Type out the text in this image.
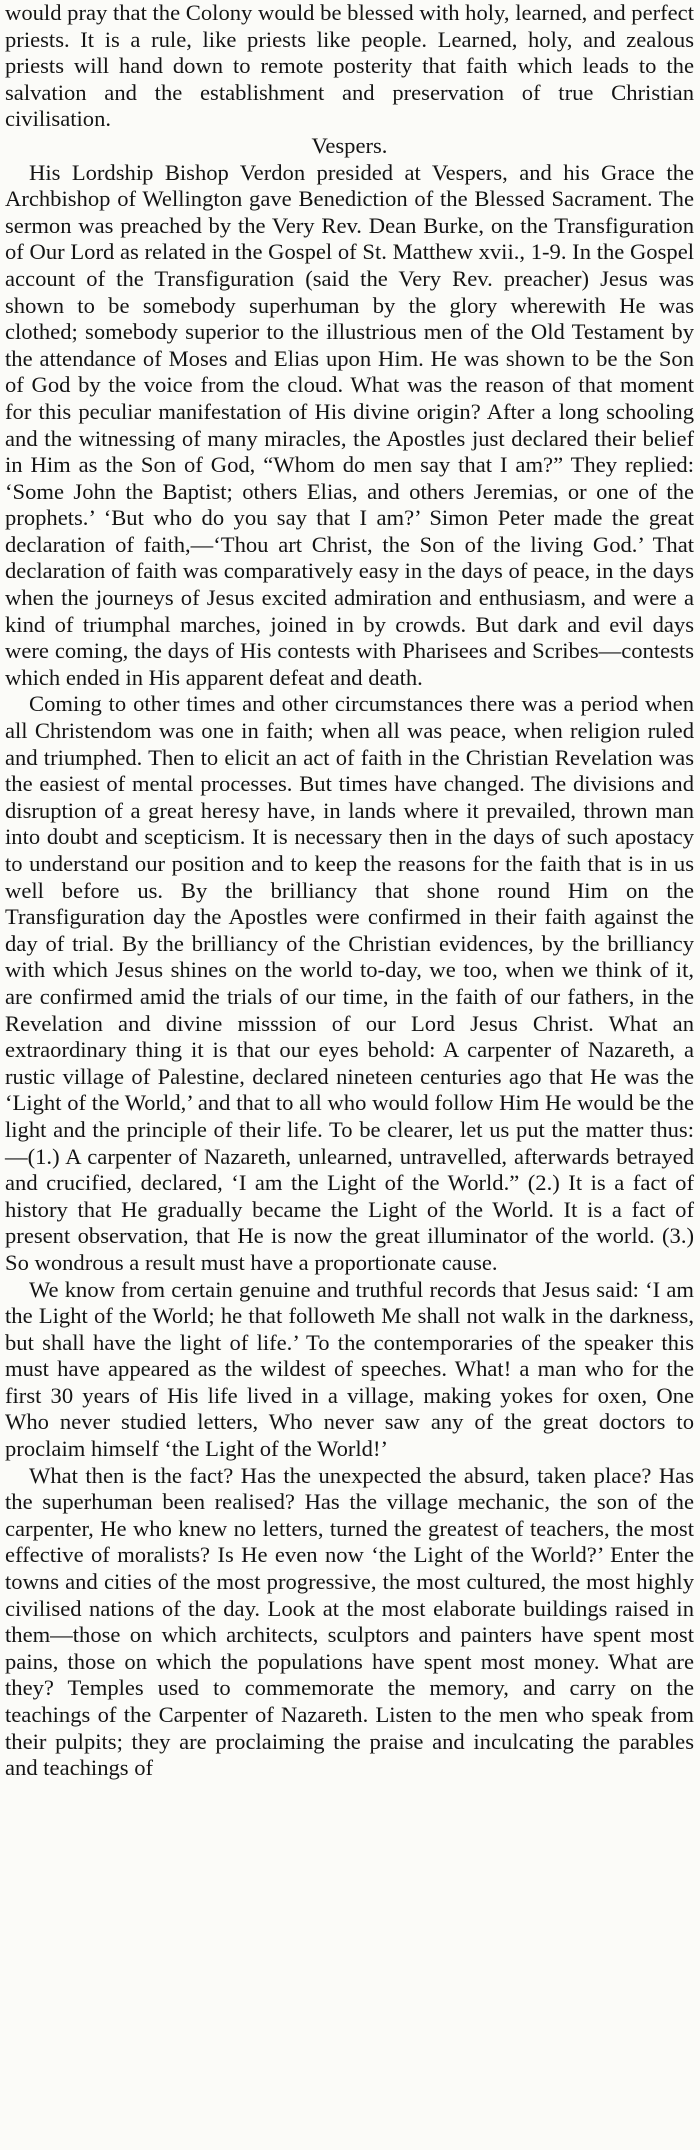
would pray that the Colony would be blessed with holy, learned, and perfect priests. It is a rule, like priests like people. Learned, holy, and zealous priests will hand down to remote posterity that faith which leads to the salvation and the establishment and preservation of true Christian civilisation.

Vespers.

His Lordship Bishop Verdon presided at Vespers, and his Grace the Archbishop of Wellington gave Benediction of the Blessed Sacrament. The sermon was preached by the Very Rev. Dean Burke, on the Transfiguration of Our Lord as related in the Gospel of St. Matthew xvii., 1-9. In the Gospel account of the Transfiguration (said the Very Rev. preacher) Jesus was shown to be somebody superhuman by the glory wherewith He was clothed; somebody superior to the illustrious men of the Old Testament by the attendance of Moses and Elias upon Him. He was shown to be the Son of God by the voice from the cloud. What was the reason of that moment for this peculiar manifestation of His divine origin? After a long schooling and the witnessing of many miracles, the Apostles just declared their belief in Him as the Son of God, “Whom do men say that I am?” They replied: ‘Some John the Baptist; others Elias, and others Jeremias, or one of the prophets.’ ‘But who do you say that I am?’ Simon Peter made the great declaration of faith,—‘Thou art Christ, the Son of the living God.’ That declaration of faith was comparatively easy in the days of peace, in the days when the journeys of Jesus excited admiration and enthusiasm, and were a kind of triumphal marches, joined in by crowds. But dark and evil days were coming, the days of His contests with Pharisees and Scribes—contests which ended in His apparent defeat and death.

Coming to other times and other circumstances there was a period when all Christendom was one in faith; when all was peace, when religion ruled and triumphed. Then to elicit an act of faith in the Christian Revelation was the easiest of mental processes. But times have changed. The divisions and disruption of a great heresy have, in lands where it prevailed, thrown man into doubt and scepticism. It is necessary then in the days of such apostacy to understand our position and to keep the reasons for the faith that is in us well before us. By the brilliancy that shone round Him on the Transfiguration day the Apostles were confirmed in their faith against the day of trial. By the brilliancy of the Christian evidences, by the brilliancy with which Jesus shines on the world to-day, we too, when we think of it, are confirmed amid the trials of our time, in the faith of our fathers, in the Revelation and divine misssion of our Lord Jesus Christ. What an extraordinary thing it is that our eyes behold: A carpenter of Nazareth, a rustic village of Palestine, declared nineteen centuries ago that He was the ‘Light of the World,’ and that to all who would follow Him He would be the light and the principle of their life. To be clearer, let us put the matter thus:—(1.) A carpenter of Nazareth, unlearned, untravelled, afterwards betrayed and crucified, declared, ‘I am the Light of the World.” (2.) It is a fact of history that He gradually became the Light of the World. It is a fact of present observation, that He is now the great illuminator of the world. (3.) So wondrous a result must have a proportionate cause.

We know from certain genuine and truthful records that Jesus said: ‘I am the Light of the World; he that followeth Me shall not walk in the darkness, but shall have the light of life.’ To the contemporaries of the speaker this must have appeared as the wildest of speeches. What! a man who for the first 30 years of His life lived in a village, making yokes for oxen, One Who never studied letters, Who never saw any of the great doctors to proclaim himself ‘the Light of the World!’

What then is the fact? Has the unexpected the absurd, taken place? Has the superhuman been realised? Has the village mechanic, the son of the carpenter, He who knew no letters, turned the greatest of teachers, the most effective of moralists? Is He even now ‘the Light of the World?’ Enter the towns and cities of the most progressive, the most cultured, the most highly civilised nations of the day. Look at the most elaborate buildings raised in them—those on which architects, sculptors and painters have spent most pains, those on which the populations have spent most money. What are they? Temples used to commemorate the memory, and carry on the teachings of the Carpenter of Nazareth. Listen to the men who speak from their pulpits; they are proclaiming the praise and inculcating the parables and teachings of
